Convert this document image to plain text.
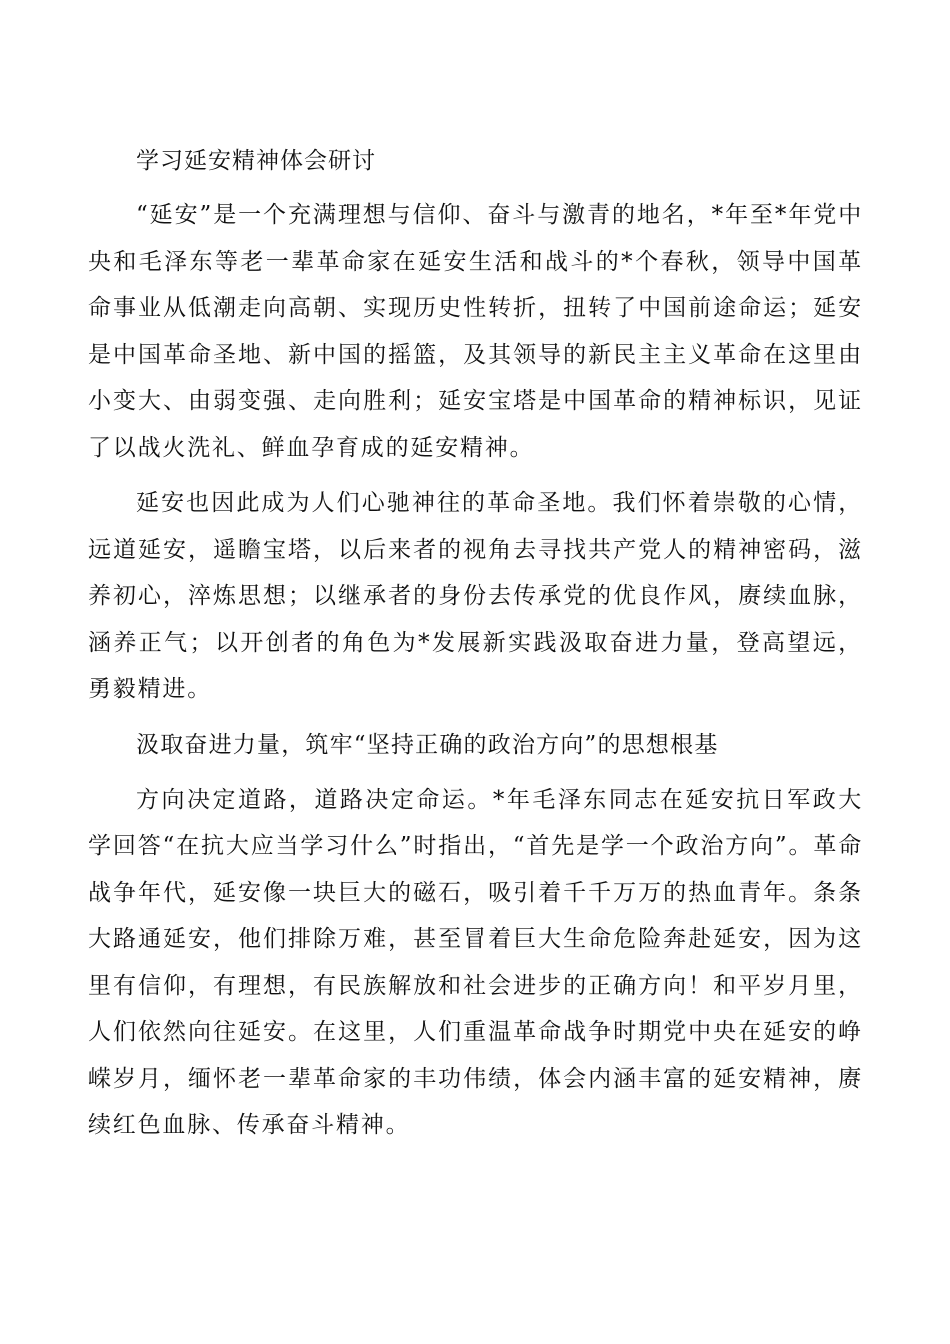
学习延安精神体会研讨

“延安”是一个充满理想与信仰、奋斗与激青的地名，*年至*年党中央和毛泽东等老一辈革命家在延安生活和战斗的*个春秋，领导中国革命事业从低潮走向高朝、实现历史性转折，扭转了中国前途命运；延安是中国革命圣地、新中国的摇篮，及其领导的新民主主义革命在这里由小变大、由弱变强、走向胜利；延安宝塔是中国革命的精神标识，见证了以战火洗礼、鲜血孕育成的延安精神。

延安也因此成为人们心驰神往的革命圣地。我们怀着崇敬的心情，远道延安，遥瞻宝塔，以后来者的视角去寻找共产党人的精神密码，滋养初心，淬炼思想；以继承者的身份去传承党的优良作风，赓续血脉，涵养正气；以开创者的角色为*发展新实践汲取奋进力量，登高望远，勇毅精进。

汲取奋进力量，筑牢“坚持正确的政治方向”的思想根基

方向决定道路，道路决定命运。*年毛泽东同志在延安抗日军政大学回答“在抗大应当学习什么”时指出，“首先是学一个政治方向”。革命战争年代，延安像一块巨大的磁石，吸引着千千万万的热血青年。条条大路通延安，他们排除万难，甚至冒着巨大生命危险奔赴延安，因为这里有信仰，有理想，有民族解放和社会进步的正确方向！和平岁月里，人们依然向往延安。在这里，人们重温革命战争时期党中央在延安的峥嵘岁月，缅怀老一辈革命家的丰功伟绩，体会内涵丰富的延安精神，赓续红色血脉、传承奋斗精神。
